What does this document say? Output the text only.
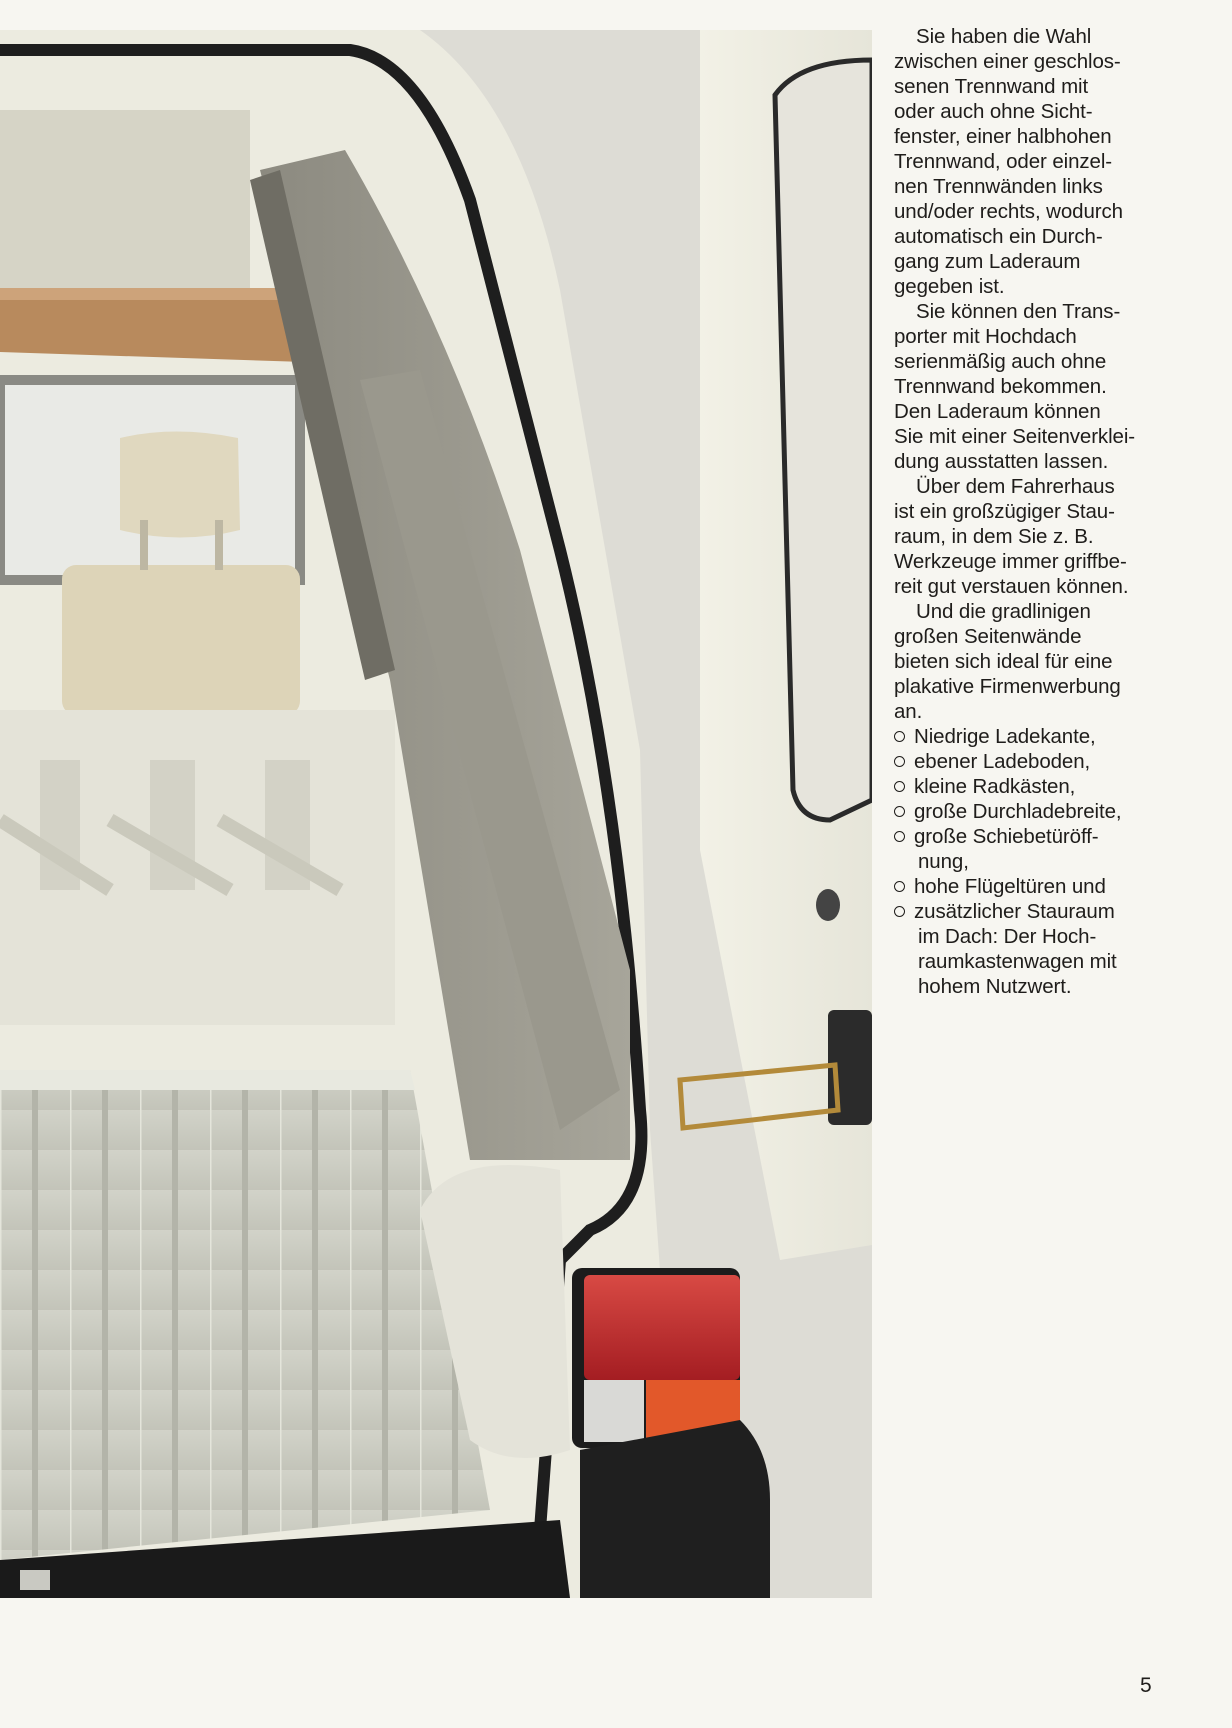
Sie haben die Wahl
zwischen einer geschlos-
senen Trennwand mit
oder auch ohne Sicht-
fenster, einer halbhohen
Trennwand, oder einzel-
nen Trennwänden links
und/oder rechts, wodurch
automatisch ein Durch-
gang zum Laderaum
gegeben ist.
Sie können den Trans-
porter mit Hochdach
serienmäßig auch ohne
Trennwand bekommen.
Den Laderaum können
Sie mit einer Seitenverklei-
dung ausstatten lassen.
Über dem Fahrerhaus
ist ein großzügiger Stau-
raum, in dem Sie z. B.
Werkzeuge immer griffbe-
reit gut verstauen können.
Und die gradlinigen
großen Seitenwände
bieten sich ideal für eine
plakative Firmenwerbung
an.
Niedrige Ladekante,
ebener Ladeboden,
kleine Radkästen,
große Durchladebreite,
große Schiebetüröff-
nung,
hohe Flügeltüren und
zusätzlicher Stauraum
im Dach: Der Hoch-
raumkastenwagen mit
hohem Nutzwert.
5
